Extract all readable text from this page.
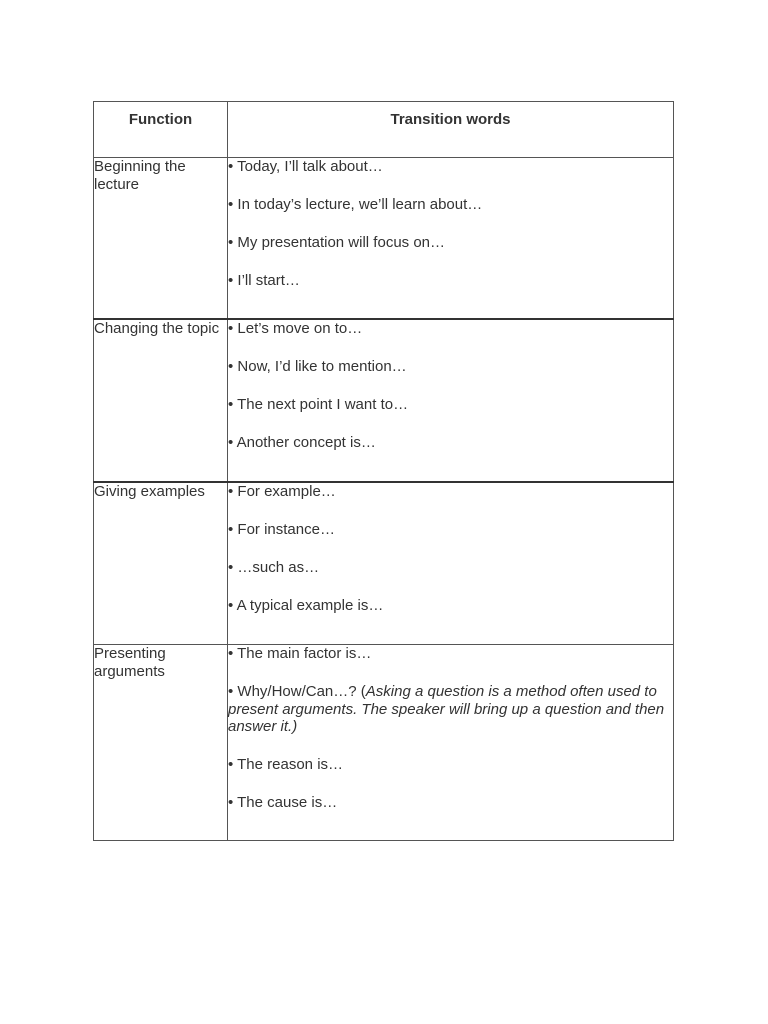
Function	Transition words

Beginning the lecture	• Today, I’ll talk about…
• In today’s lecture, we’ll learn about…
• My presentation will focus on…
• I’ll start…

Changing the topic	• Let’s move on to…
• Now, I’d like to mention…
• The next point I want to…
• Another concept is…

Giving examples	• For example…
• For instance…
• …such as…
• A typical example is…

Presenting arguments	• The main factor is…
• Why/How/Can…? (Asking a question is a method often used to present arguments. The speaker will bring up a question and then answer it.)
• The reason is…
• The cause is…
